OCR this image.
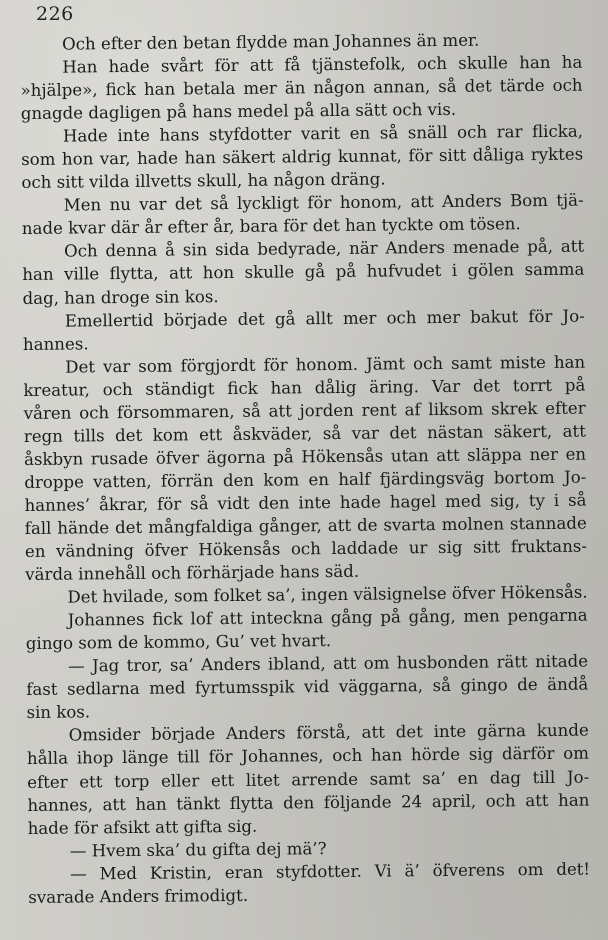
226
Och efter den betan flydde man Johannes än mer.
Han hade svårt för att få tjänstefolk, och skulle han ha
»hjälpe», fick han betala mer än någon annan, så det tärde och
gnagde dagligen på hans medel på alla sätt och vis.
Hade inte hans styfdotter varit en så snäll och rar flicka,
som hon var, hade han säkert aldrig kunnat, för sitt dåliga ryktes
och sitt vilda illvetts skull, ha någon dräng.
Men nu var det så lyckligt för honom, att Anders Bom tjä-
nade kvar där år efter år, bara för det han tyckte om tösen.
Och denna å sin sida bedyrade, när Anders menade på, att
han ville flytta, att hon skulle gå på hufvudet i gölen samma
dag, han droge sin kos.
Emellertid började det gå allt mer och mer bakut för Jo-
hannes.
Det var som förgjordt för honom. Jämt och samt miste han
kreatur, och ständigt fick han dålig äring. Var det torrt på
våren och försommaren, så att jorden rent af liksom skrek efter
regn tills det kom ett åskväder, så var det nästan säkert, att
åskbyn rusade öfver ägorna på Hökensås utan att släppa ner en
droppe vatten, förrän den kom en half fjärdingsväg bortom Jo-
hannes’ åkrar, för så vidt den inte hade hagel med sig, ty i så
fall hände det mångfaldiga gånger, att de svarta molnen stannade
en vändning öfver Hökensås och laddade ur sig sitt fruktans-
värda innehåll och förhärjade hans säd.
Det hvilade, som folket sa’, ingen välsignelse öfver Hökensås.
Johannes fick lof att inteckna gång på gång, men pengarna
gingo som de kommo, Gu’ vet hvart.
— Jag tror, sa’ Anders ibland, att om husbonden rätt nitade
fast sedlarna med fyrtumsspik vid väggarna, så gingo de ändå
sin kos.
Omsider började Anders förstå, att det inte gärna kunde
hålla ihop länge till för Johannes, och han hörde sig därför om
efter ett torp eller ett litet arrende samt sa’ en dag till Jo-
hannes, att han tänkt flytta den följande 24 april, och att han
hade för afsikt att gifta sig.
— Hvem ska’ du gifta dej mä’?
— Med Kristin, eran styfdotter. Vi ä’ öfverens om det!
svarade Anders frimodigt.
